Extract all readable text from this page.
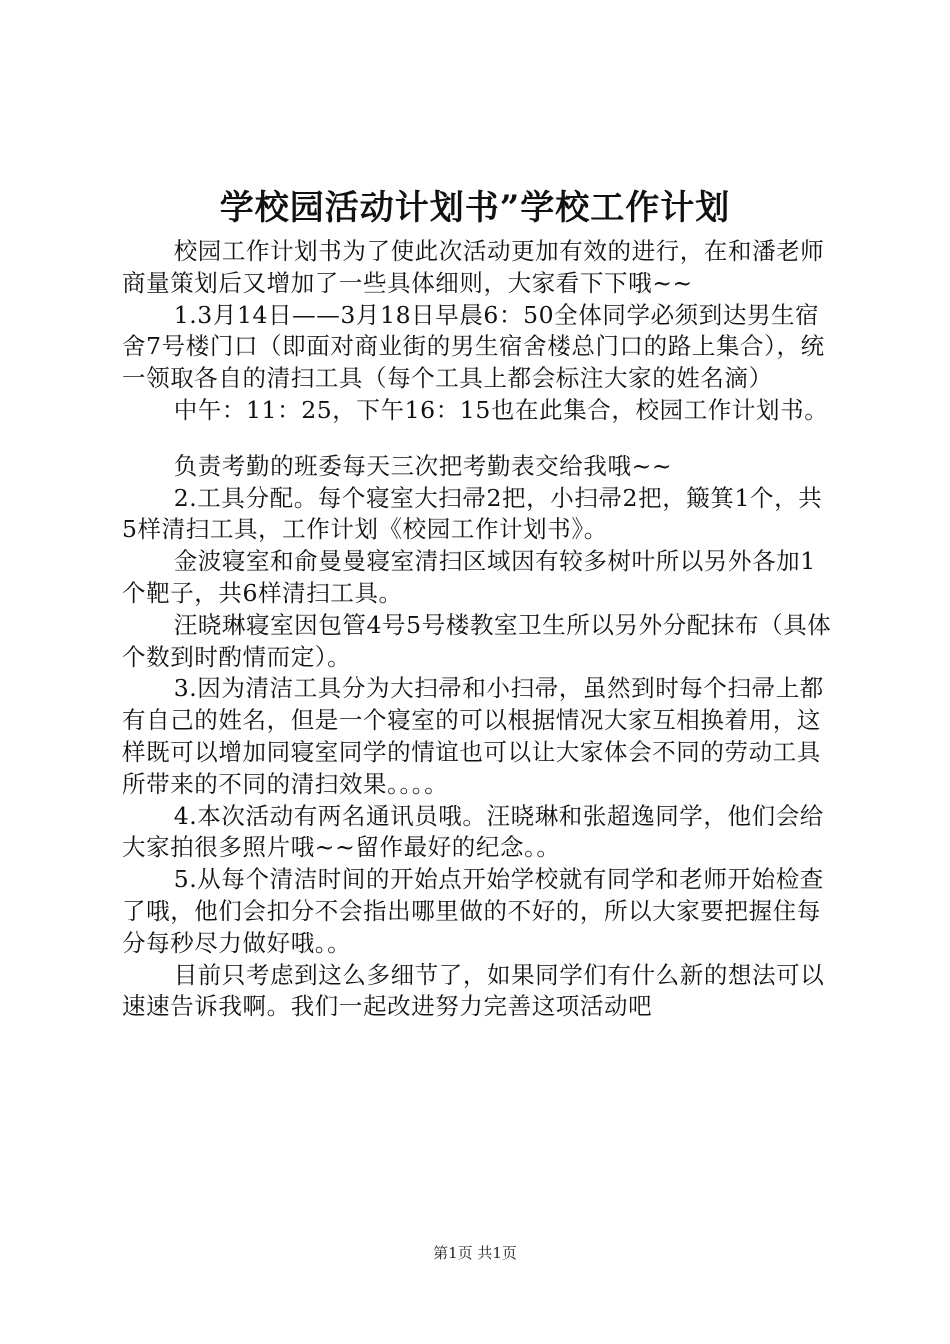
学校园活动计划书”学校工作计划

校园工作计划书为了使此次活动更加有效的进行，在和潘老师商量策划后又增加了一些具体细则，大家看下下哦~~

1.3月14日——3月18日早晨6：50全体同学必须到达男生宿舍7号楼门口（即面对商业街的男生宿舍楼总门口的路上集合），统一领取各自的清扫工具（每个工具上都会标注大家的姓名滴）

中午：11：25，下午16：15也在此集合，校园工作计划书。

负责考勤的班委每天三次把考勤表交给我哦~~

2.工具分配。每个寝室大扫帚2把，小扫帚2把，簸箕1个，共5样清扫工具，工作计划《校园工作计划书》。

金波寝室和俞曼曼寝室清扫区域因有较多树叶所以另外各加1个靶子，共6样清扫工具。

汪晓琳寝室因包管4号5号楼教室卫生所以另外分配抹布（具体个数到时酌情而定）。

3.因为清洁工具分为大扫帚和小扫帚，虽然到时每个扫帚上都有自己的姓名，但是一个寝室的可以根据情况大家互相换着用，这样既可以增加同寝室同学的情谊也可以让大家体会不同的劳动工具所带来的不同的清扫效果。。。。

4.本次活动有两名通讯员哦。汪晓琳和张超逸同学，他们会给大家拍很多照片哦~~留作最好的纪念。。

5.从每个清洁时间的开始点开始学校就有同学和老师开始检查了哦，他们会扣分不会指出哪里做的不好的，所以大家要把握住每分每秒尽力做好哦。。

目前只考虑到这么多细节了，如果同学们有什么新的想法可以速速告诉我啊。我们一起改进努力完善这项活动吧

第1页 共1页
